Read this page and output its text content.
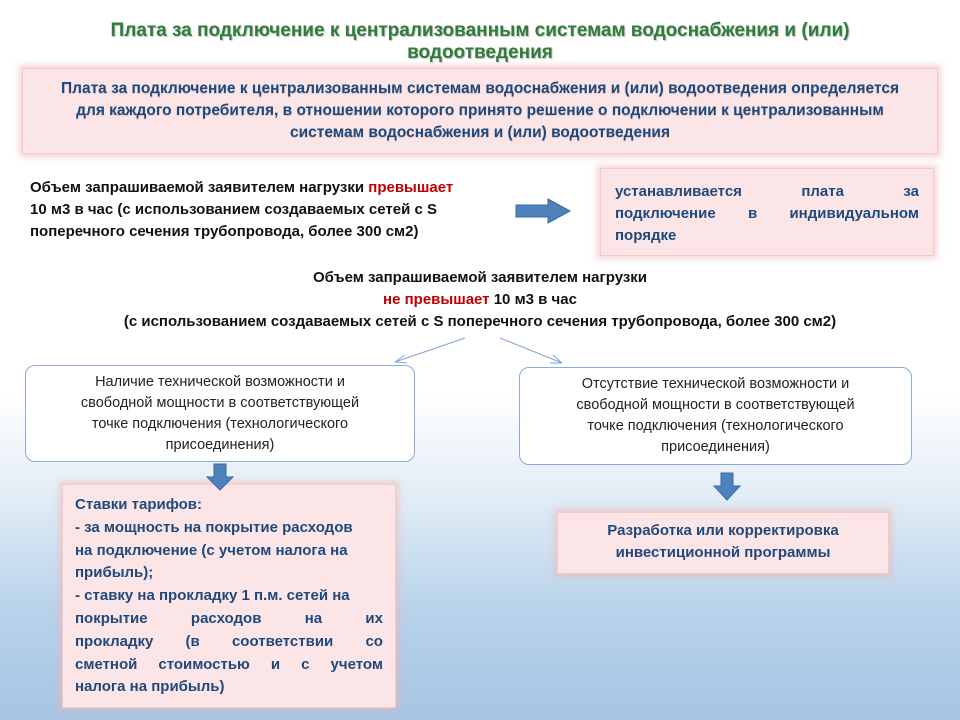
Плата за подключение к централизованным системам водоснабжения и (или)
водоотведения
Плата за подключение к централизованным системам водоснабжения и (или) водоотведения определяется
для каждого потребителя, в отношении которого принято решение о подключении к централизованным
системам водоснабжения и (или) водоотведения
Объем запрашиваемой заявителем нагрузки превышает
10 м3 в час (с использованием создаваемых сетей с S
поперечного сечения трубопровода, более 300 см2)
устанавливается	плата	за
подключение в индивидуальном
порядке
Объем запрашиваемой заявителем нагрузки
не превышает 10 м3 в час
(с использованием создаваемых сетей с S поперечного сечения трубопровода, более 300 см2)
Наличие технической возможности и
свободной мощности в соответствующей
точке подключения (технологического
присоединения)
Отсутствие технической возможности и
свободной мощности в соответствующей
точке подключения (технологического
присоединения)
Ставки тарифов:
- за мощность на покрытие расходов
на подключение (с учетом налога на
прибыль);
- ставку на прокладку 1 п.м. сетей на
покрытие	расходов	на	их
прокладку (в соответствии со
сметной стоимостью и с учетом
налога на прибыль)
Разработка или корректировка
инвестиционной программы
